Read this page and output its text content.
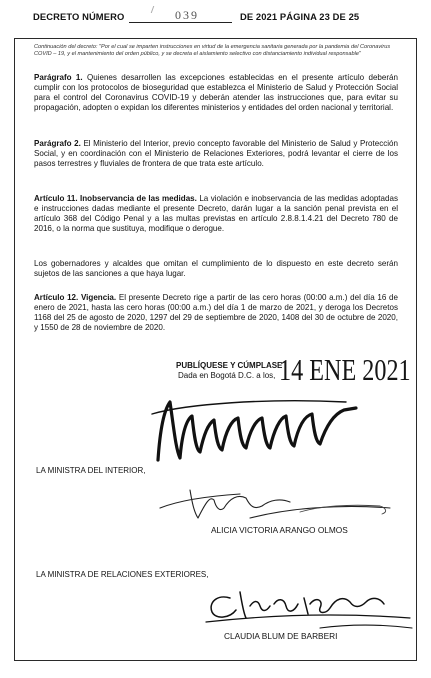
DECRETO NÚMERO	039	DE 2021 PÁGINA 23 DE 25
Continuación del decreto: "Por el cual se imparten instrucciones en virtud de la emergencia sanitaria generada por la pandemia del Coronavirus COVID – 19, y el mantenimiento del orden público, y se decreta el aislamiento selectivo con distanciamiento individual responsable"
Parágrafo 1. Quienes desarrollen las excepciones establecidas en el presente artículo deberán cumplir con los protocolos de bioseguridad que establezca el Ministerio de Salud y Protección Social para el control del Coronavirus COVID-19 y deberán atender las instrucciones que, para evitar su propagación, adopten o expidan los diferentes ministerios y entidades del orden nacional y territorial.
Parágrafo 2. El Ministerio del Interior, previo concepto favorable del Ministerio de Salud y Protección Social, y en coordinación con el Ministerio de Relaciones Exteriores, podrá levantar el cierre de los pasos terrestres y fluviales de frontera de que trata este artículo.
Artículo 11. Inobservancia de las medidas. La violación e inobservancia de las medidas adoptadas e instrucciones dadas mediante el presente Decreto, darán lugar a la sanción penal prevista en el artículo 368 del Código Penal y a las multas previstas en artículo 2.8.8.1.4.21 del Decreto 780 de 2016, o la norma que sustituya, modifique o derogue.
Los gobernadores y alcaldes que omitan el cumplimiento de lo dispuesto en este decreto serán sujetos de las sanciones a que haya lugar.
Artículo 12. Vigencia. El presente Decreto rige a partir de las cero horas (00:00 a.m.) del día 16 de enero de 2021, hasta las cero horas (00:00 a.m.) del día 1 de marzo de 2021, y deroga los Decretos 1168 del 25 de agosto de 2020, 1297 del 29 de septiembre de 2020, 1408 del 30 de octubre de 2020, y 1550 de 28 de noviembre de 2020.
PUBLÍQUESE Y CÚMPLASE
Dada en Bogotá D.C. a los, 14 ENE 2021
LA MINISTRA DEL INTERIOR,
ALICIA VICTORIA ARANGO OLMOS
LA MINISTRA DE RELACIONES EXTERIORES,
CLAUDIA BLUM DE BARBERI
